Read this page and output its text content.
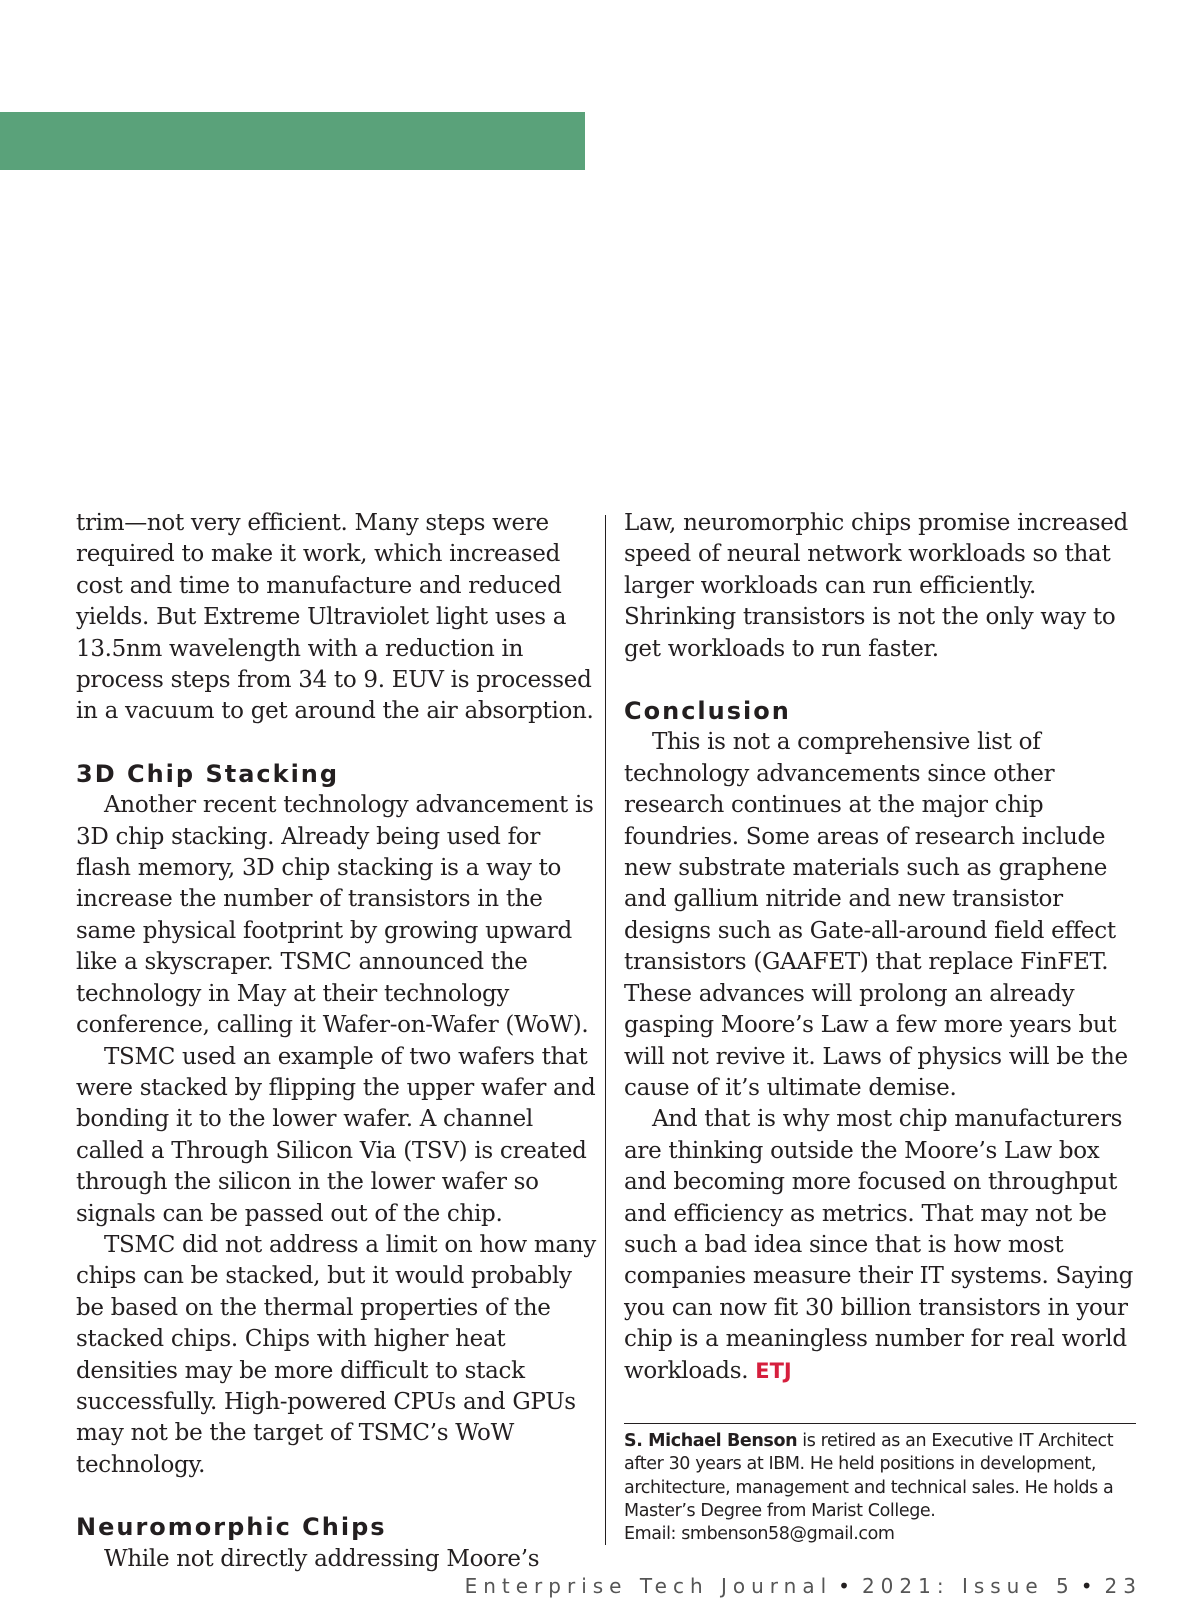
trim—not very efficient. Many steps were required to make it work, which increased cost and time to manufacture and reduced yields. But Extreme Ultraviolet light uses a 13.5nm wavelength with a reduction in process steps from 34 to 9. EUV is processed in a vacuum to get around the air absorption.

3D Chip Stacking

Another recent technology advancement is 3D chip stacking. Already being used for flash memory, 3D chip stacking is a way to increase the number of transistors in the same physical footprint by growing upward like a skyscraper. TSMC announced the technology in May at their technology conference, calling it Wafer-on-Wafer (WoW).

TSMC used an example of two wafers that were stacked by flipping the upper wafer and bonding it to the lower wafer. A channel called a Through Silicon Via (TSV) is created through the silicon in the lower wafer so signals can be passed out of the chip.

TSMC did not address a limit on how many chips can be stacked, but it would probably be based on the thermal properties of the stacked chips. Chips with higher heat densities may be more difficult to stack successfully. High-powered CPUs and GPUs may not be the target of TSMC’s WoW technology.

Neuromorphic Chips

While not directly addressing Moore’s

Law, neuromorphic chips promise increased speed of neural network workloads so that larger workloads can run efficiently. Shrinking transistors is not the only way to get workloads to run faster.

Conclusion

This is not a comprehensive list of technology advancements since other research continues at the major chip foundries. Some areas of research include new substrate materials such as graphene and gallium nitride and new transistor designs such as Gate-all-around field effect transistors (GAAFET) that replace FinFET. These advances will prolong an already gasping Moore’s Law a few more years but will not revive it. Laws of physics will be the cause of it’s ultimate demise.

And that is why most chip manufacturers are thinking outside the Moore’s Law box and becoming more focused on throughput and efficiency as metrics. That may not be such a bad idea since that is how most companies measure their IT systems. Saying you can now fit 30 billion transistors in your chip is a meaningless number for real world workloads. ETJ

S. Michael Benson is retired as an Executive IT Architect after 30 years at IBM. He held positions in development, architecture, management and technical sales. He holds a Master’s Degree from Marist College.

Email: smbenson58@gmail.com

Enterprise Tech Journal • 2021: Issue 5 • 23
